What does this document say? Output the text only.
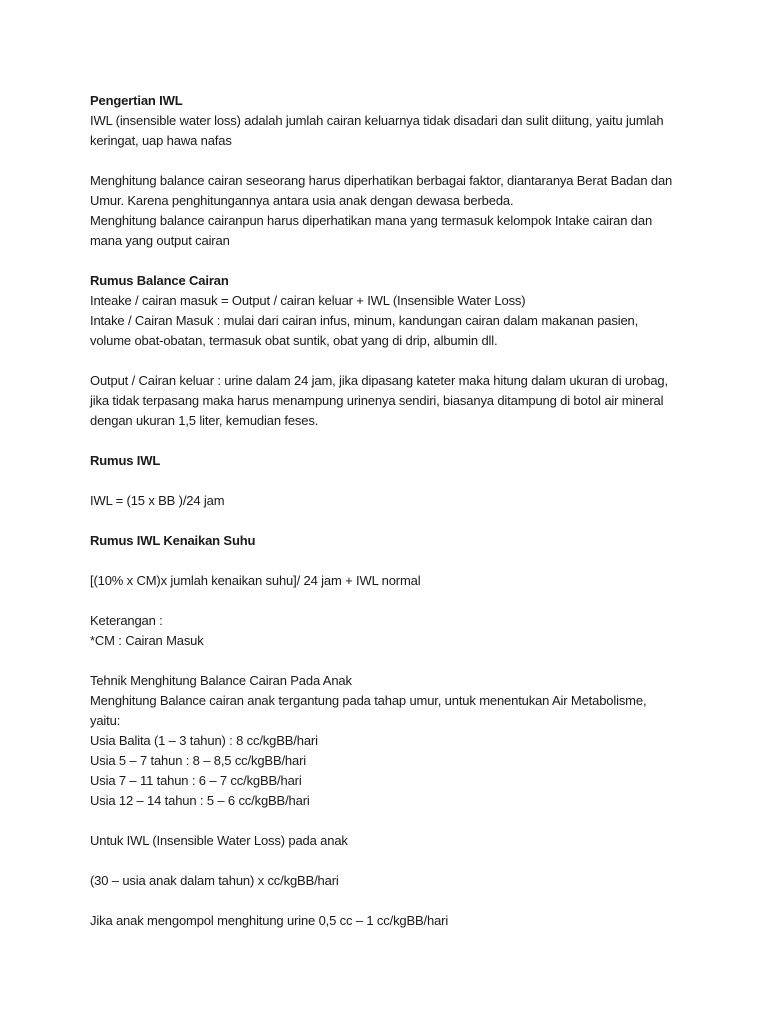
Pengertian IWL
IWL (insensible water loss) adalah jumlah cairan keluarnya tidak disadari dan sulit diitung, yaitu jumlah
keringat, uap hawa nafas
Menghitung balance cairan seseorang harus diperhatikan berbagai faktor, diantaranya Berat Badan dan
Umur. Karena penghitungannya antara usia anak dengan dewasa berbeda.
Menghitung balance cairanpun harus diperhatikan mana yang termasuk kelompok Intake cairan dan
mana yang output cairan
Rumus Balance Cairan
Inteake / cairan masuk = Output / cairan keluar + IWL (Insensible Water Loss)
Intake / Cairan Masuk : mulai dari cairan infus, minum, kandungan cairan dalam makanan pasien,
volume obat-obatan, termasuk obat suntik, obat yang di drip, albumin dll.
Output / Cairan keluar : urine dalam 24 jam, jika dipasang kateter maka hitung dalam ukuran di urobag,
jika tidak terpasang maka harus menampung urinenya sendiri, biasanya ditampung di botol air mineral
dengan ukuran 1,5 liter, kemudian feses.
Rumus IWL
IWL = (15 x BB )/24 jam
Rumus IWL Kenaikan Suhu
[(10% x CM)x jumlah kenaikan suhu]/ 24 jam + IWL normal
Keterangan :
*CM : Cairan Masuk
Tehnik Menghitung Balance Cairan Pada Anak
Menghitung Balance cairan anak tergantung pada tahap umur, untuk menentukan Air Metabolisme,
yaitu:
Usia Balita (1 – 3 tahun) : 8 cc/kgBB/hari
Usia 5 – 7 tahun : 8 – 8,5 cc/kgBB/hari
Usia 7 – 11 tahun : 6 – 7 cc/kgBB/hari
Usia 12 – 14 tahun : 5 – 6 cc/kgBB/hari
Untuk IWL (Insensible Water Loss) pada anak
(30 – usia anak dalam tahun) x cc/kgBB/hari
Jika anak mengompol menghitung urine 0,5 cc – 1 cc/kgBB/hari
